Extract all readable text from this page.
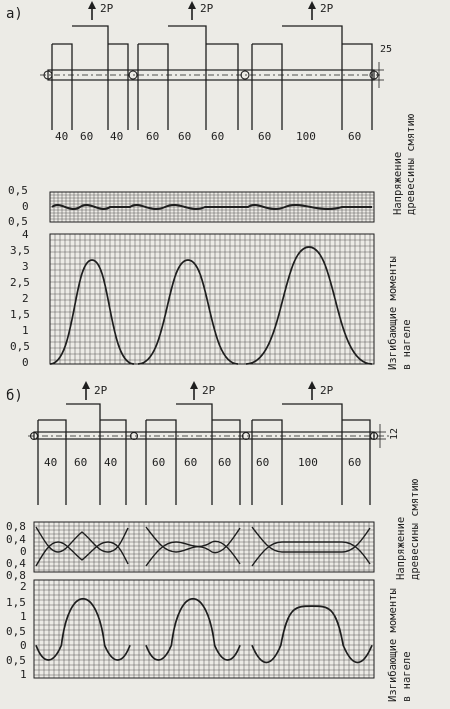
а)	2P	2P	2P
25
40 60 40 60 60 60	60 100	60
0,5
0
0,5
4
3,5
3
2,5
2
1,5
1
0,5
0
Напряжение древесины смятию
Изгибающие моменты в нагеле
б)	2P	2P	2P
12
40 60 40	60 60 60 60	100	60
0,8
0,4
0
0,4
0,8
2
1,5
1
0,5
0
0,5
1
Напряжение древесины смятию
Изгибающие моменты в нагеле
